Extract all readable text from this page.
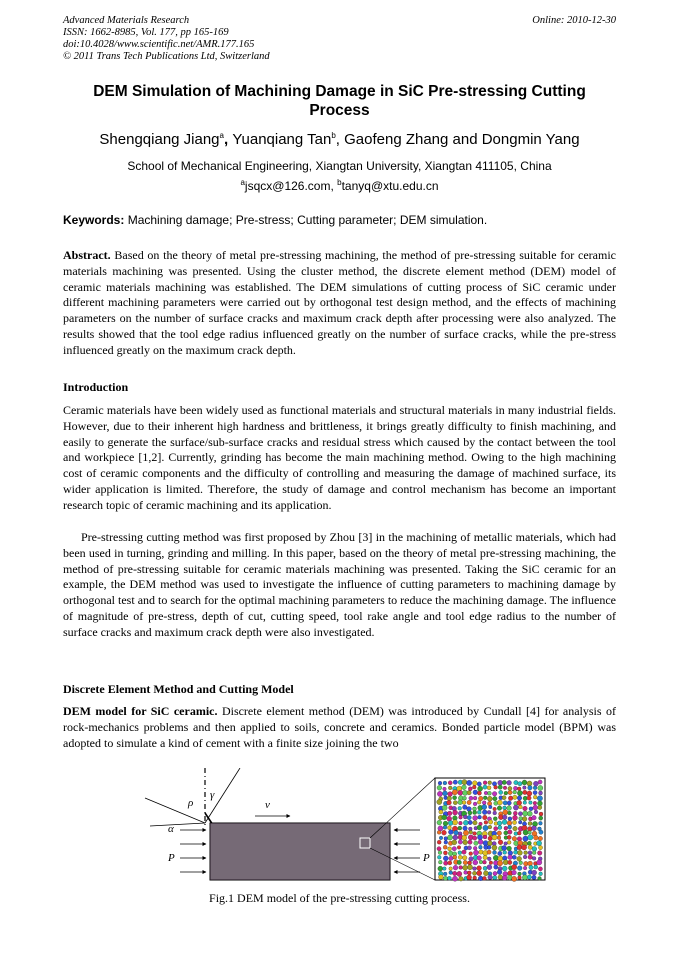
Advanced Materials Research
ISSN: 1662-8985, Vol. 177, pp 165-169
doi:10.4028/www.scientific.net/AMR.177.165
© 2011 Trans Tech Publications Ltd, Switzerland
Online: 2010-12-30
DEM Simulation of Machining Damage in SiC Pre-stressing Cutting Process
Shengqiang Jiang$^a$, Yuanqiang Tan$^b$, Gaofeng Zhang and Dongmin Yang
School of Mechanical Engineering, Xiangtan University, Xiangtan 411105, China
$^a$jsqcx@126.com, $^b$tanyq@xtu.edu.cn
Keywords: Machining damage; Pre-stress; Cutting parameter; DEM simulation.
Abstract. Based on the theory of metal pre-stressing machining, the method of pre-stressing suitable for ceramic materials machining was presented. Using the cluster method, the discrete element method (DEM) model of ceramic materials machining was established. The DEM simulations of cutting process of SiC ceramic under different machining parameters were carried out by orthogonal test design method, and the effects of machining parameters on the number of surface cracks and maximum crack depth after processing were also analyzed. The results showed that the tool edge radius influenced greatly on the number of surface cracks, while the pre-stress influenced greatly on the maximum crack depth.
Introduction
Ceramic materials have been widely used as functional materials and structural materials in many industrial fields. However, due to their inherent high hardness and brittleness, it brings greatly difficulty to finish machining, and easily to generate the surface/sub-surface cracks and residual stress which caused by the contact between the tool and workpiece [1,2]. Currently, grinding has become the main machining method. Owing to the high machining cost of ceramic components and the difficulty of controlling and measuring the damage of machined surface, its wider application is limited. Therefore, the study of damage and control mechanism has become an important research topic of ceramic machining and its application.
Pre-stressing cutting method was first proposed by Zhou [3] in the machining of metallic materials, which had been used in turning, grinding and milling. In this paper, based on the theory of metal pre-stressing machining, the method of pre-stressing suitable for ceramic materials machining was presented. Taking the SiC ceramic for an example, the DEM method was used to investigate the influence of cutting parameters to machining damage by orthogonal test and to search for the optimal machining parameters to reduce the machining damage. The influence of magnitude of pre-stress, depth of cut, cutting speed, tool rake angle and tool edge radius to the number of surface cracks and maximum crack depth were also investigated.
Discrete Element Method and Cutting Model
DEM model for SiC ceramic. Discrete element method (DEM) was introduced by Cundall [4] for analysis of rock-mechanics problems and then applied to soils, concrete and ceramics. Bonded particle model (BPM) was adopted to simulate a kind of cement with a finite size joining the two
ρ
γ
v
α
P	P
Fig.1 DEM model of the pre-stressing cutting process.
